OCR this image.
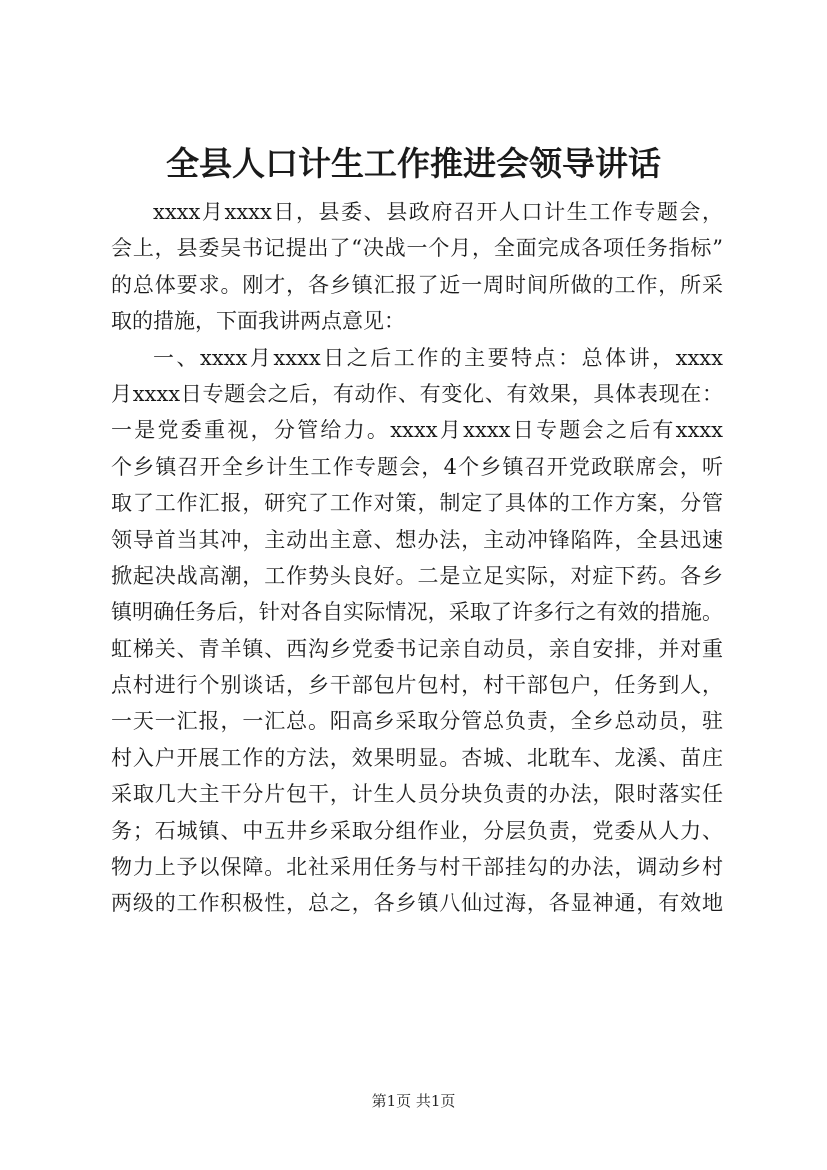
全县人口计生工作推进会领导讲话
xxxx月xxxx日，县委、县政府召开人口计生工作专题会，
会上，县委吴书记提出了“决战一个月，全面完成各项任务指标”
的总体要求。刚才，各乡镇汇报了近一周时间所做的工作，所采
取的措施，下面我讲两点意见：
一、xxxx月xxxx日之后工作的主要特点：总体讲，xxxx
月xxxx日专题会之后，有动作、有变化、有效果，具体表现在：
一是党委重视，分管给力。xxxx月xxxx日专题会之后有xxxx
个乡镇召开全乡计生工作专题会，4个乡镇召开党政联席会，听
取了工作汇报，研究了工作对策，制定了具体的工作方案，分管
领导首当其冲，主动出主意、想办法，主动冲锋陷阵，全县迅速
掀起决战高潮，工作势头良好。二是立足实际，对症下药。各乡
镇明确任务后，针对各自实际情况，采取了许多行之有效的措施。
虹梯关、青羊镇、西沟乡党委书记亲自动员，亲自安排，并对重
点村进行个别谈话，乡干部包片包村，村干部包户，任务到人，
一天一汇报，一汇总。阳高乡采取分管总负责，全乡总动员，驻
村入户开展工作的方法，效果明显。杏城、北耽车、龙溪、苗庄
采取几大主干分片包干，计生人员分块负责的办法，限时落实任
务；石城镇、中五井乡采取分组作业，分层负责，党委从人力、
物力上予以保障。北社采用任务与村干部挂勾的办法，调动乡村
两级的工作积极性，总之，各乡镇八仙过海，各显神通，有效地
第1页 共1页
